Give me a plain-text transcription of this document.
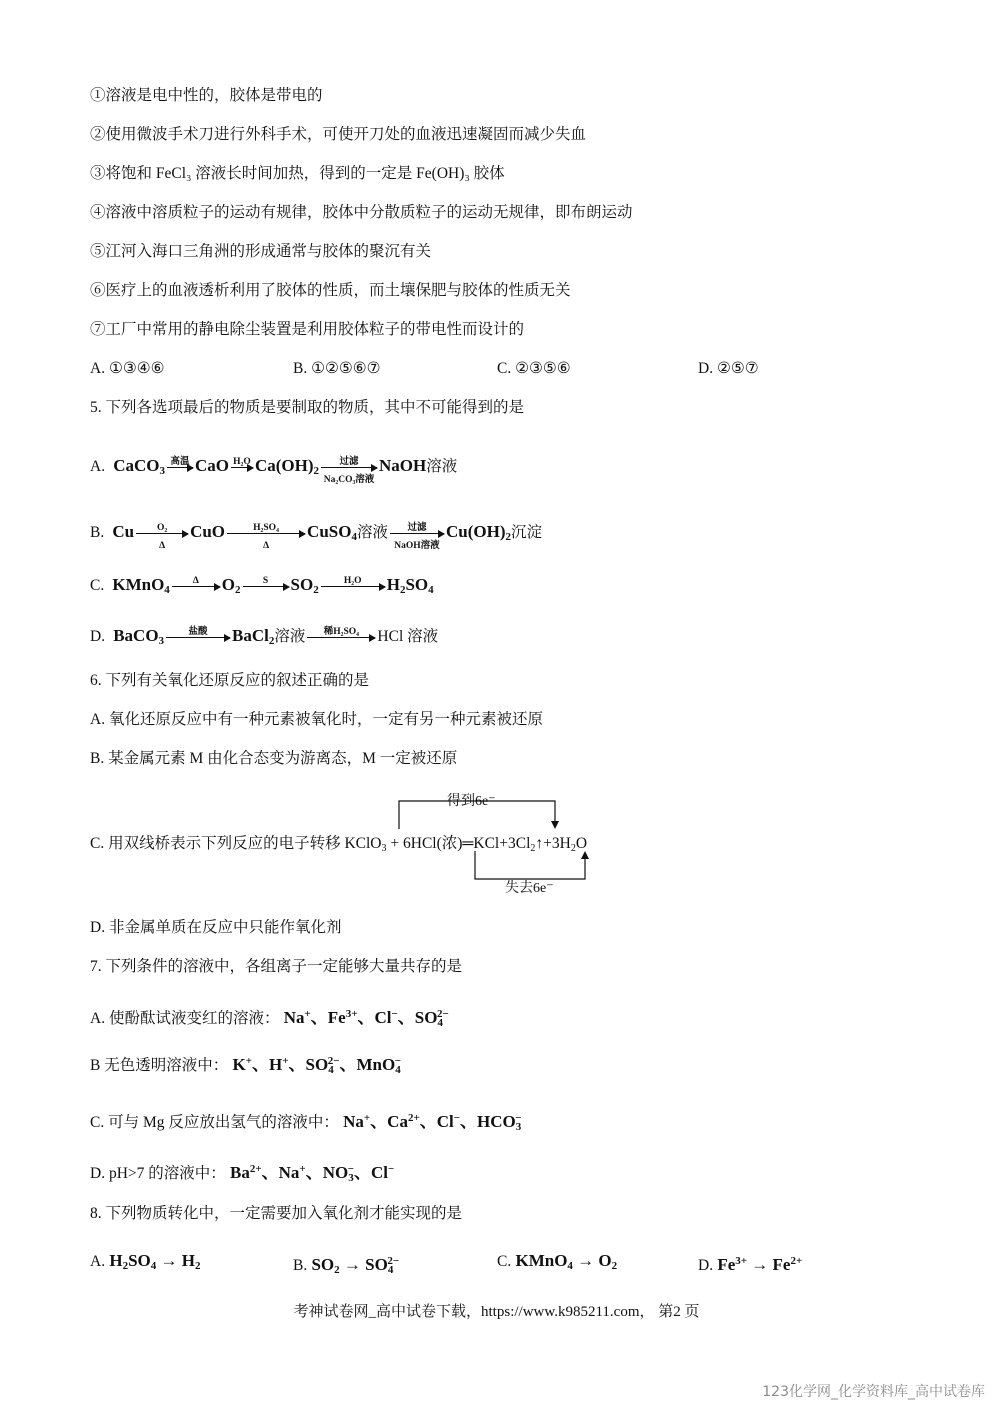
①溶液是电中性的，胶体是带电的
②使用微波手术刀进行外科手术，可使开刀处的血液迅速凝固而减少失血
③将饱和 FeCl₃ 溶液长时间加热，得到的一定是 Fe(OH)₃ 胶体
④溶液中溶质粒子的运动有规律，胶体中分散质粒子的运动无规律，即布朗运动
⑤江河入海口三角洲的形成通常与胶体的聚沉有关
⑥医疗上的血液透析利用了胶体的性质，而土壤保肥与胶体的性质无关
⑦工厂中常用的静电除尘装置是利用胶体粒子的带电性而设计的
A. ①③④⑥	B. ①②⑤⑥⑦	C. ②③⑤⑥	D. ②⑤⑦
5. 下列各选项最后的物质是要制取的物质，其中不可能得到的是
A.  CaCO$_3$
高温 CaO H₂O $Ca(OH)_2$
过滤
Na₂CO₃溶液
NaOH溶液
B.  Cu $\frac{\text{O₂}}{\Delta}$ CuO $\frac{\text{H₂SO₄}}{\Delta}$ CuSO$_4$溶液	过滤
NaOH溶液
$Cu(OH)_2$沉淀
C.  KMnO$_4$
Δ	$O_2$
S	$SO_2$
H₂O	$H_2SO_4$
D.  BaCO$_3$
盐酸	BaCl$_2$溶液	稀H₂SO₄	HCl 溶液
6. 下列有关氧化还原反应的叙述正确的是
A. 氧化还原反应中有一种元素被氧化时，一定有另一种元素被还原
B. 某金属元素 M 由化合态变为游离态，M 一定被还原
C. 用双线桥表示下列反应的电子转移 KClO$_3$ + 6HCl(浓)$═KCl+3Cl_2↑+3H_2O$
得到6e⁻
失去6e⁻
D. 非金属单质在反应中只能作氧化剂
7. 下列条件的溶液中，各组离子一定能够大量共存的是
A. 使酚酞试液变红的溶液： Na+、$Fe^{3+}$、Cl−、$SO_4^{2-}$
B 无色透明溶液中： K+、H+、$SO_4^{2-}$、MnO$_4$−
C. 可与 Mg 反应放出氢气的溶液中： Na+、$Ca^{2+}$、Cl−、$HCO_3^-$
D. pH>7 的溶液中： $Ba^{2+}$、Na+、$NO_3^-$、Cl−
8. 下列物质转化中，一定需要加入氧化剂才能实现的是
A. $H_2SO_4 \to H_2$	B. $SO_2 \to SO_4^{2-}$	C. KMnO$_4$ → $O_2$	D. $Fe^{3+} \to Fe^{2+}$
考神试卷网_高中试卷下载，https://www.k985211.com， 第2 页
123化学网_化学资料库_高中试卷库
